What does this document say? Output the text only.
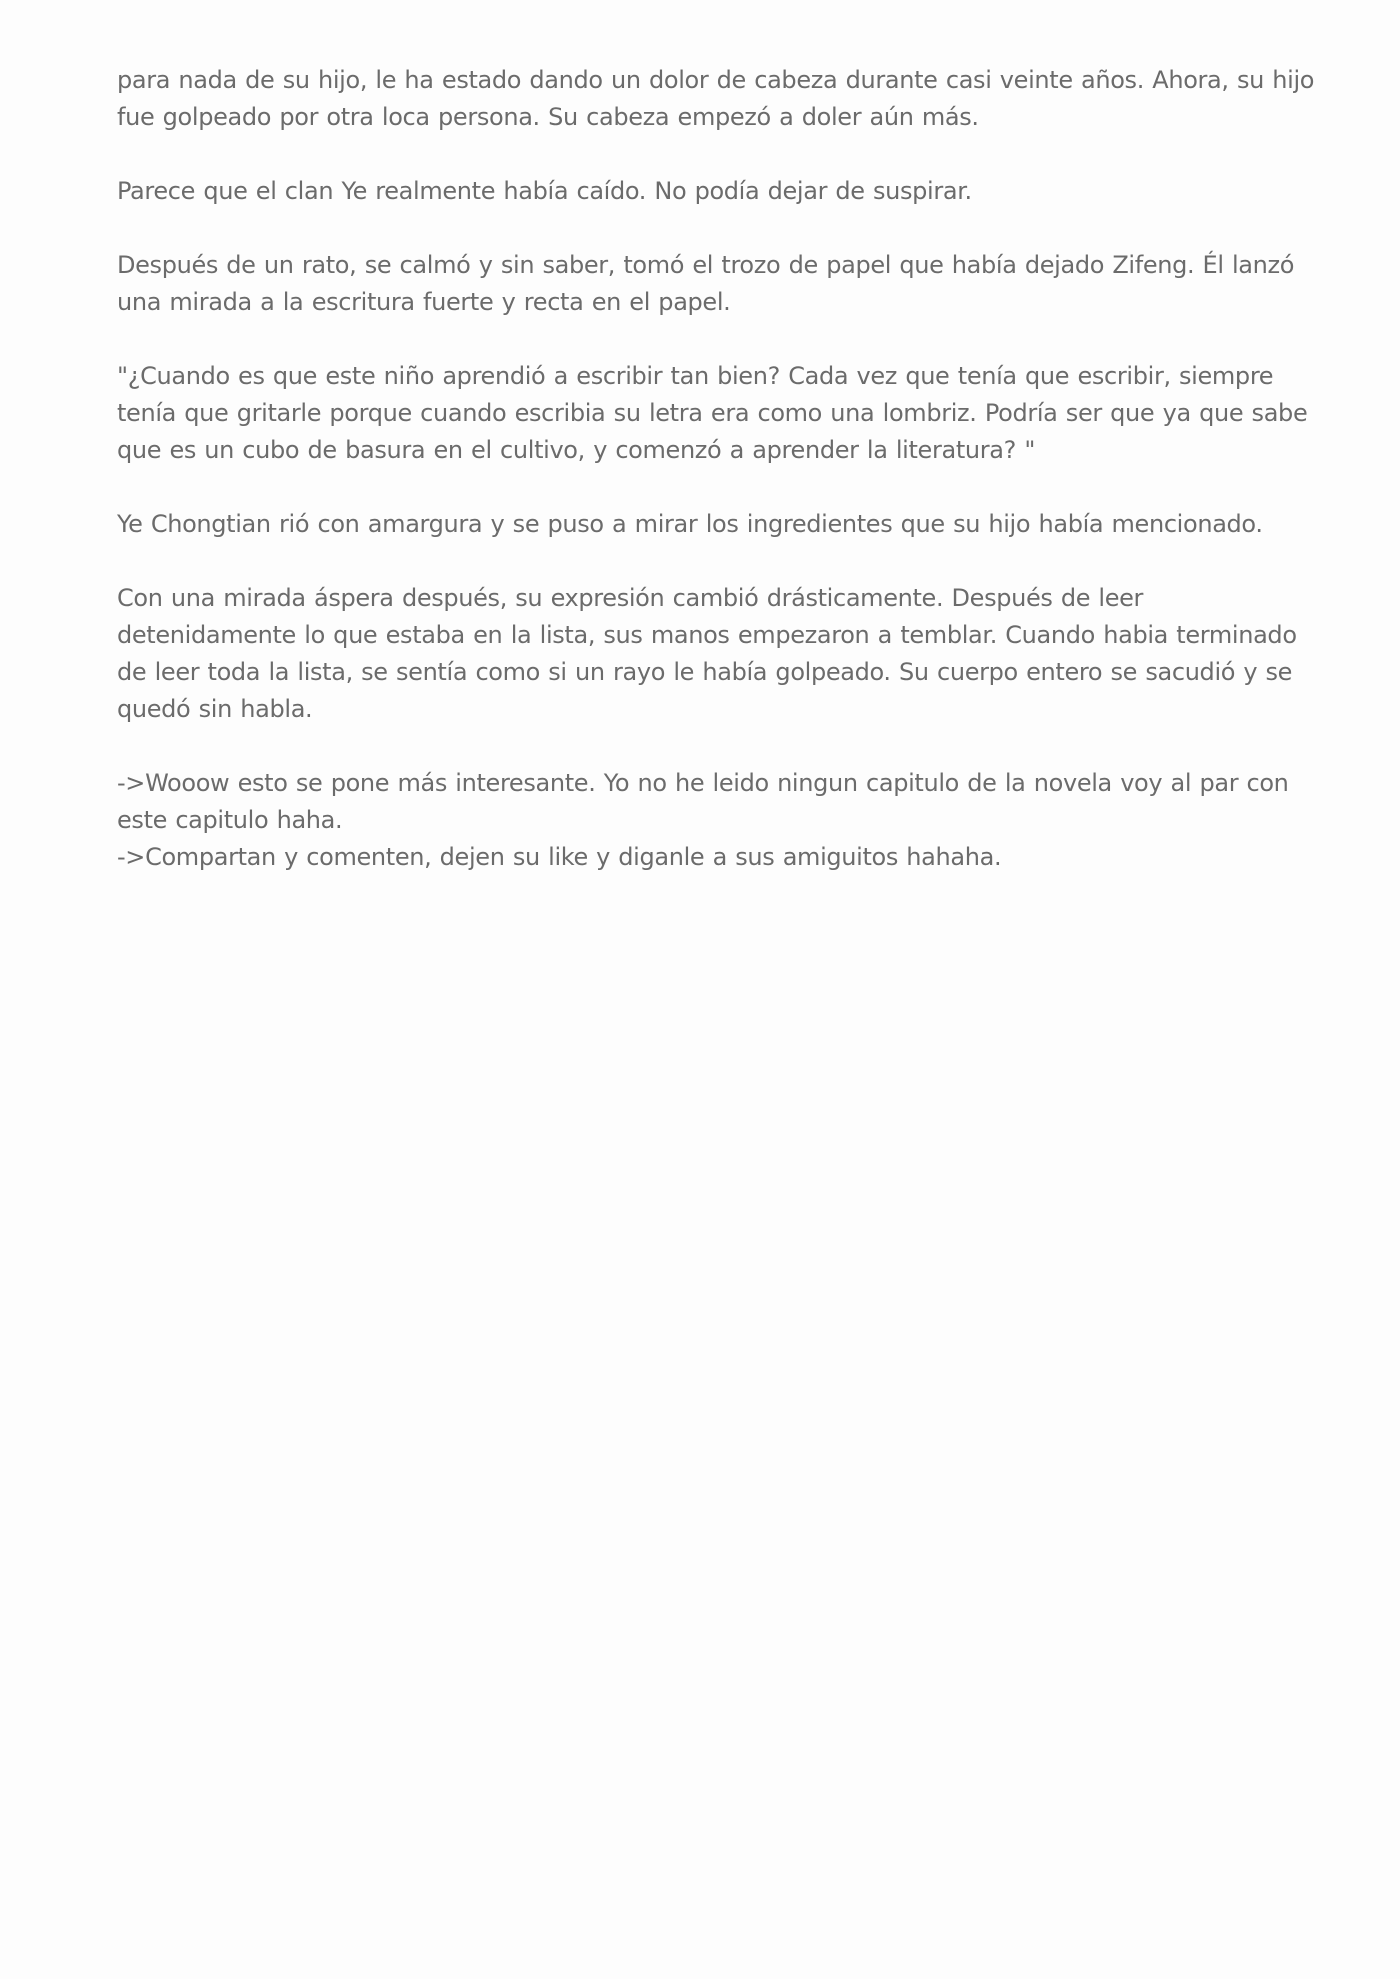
para nada de su hijo, le ha estado dando un dolor de cabeza durante casi veinte años. Ahora, su hijo fue golpeado por otra loca persona. Su cabeza empezó a doler aún más.

Parece que el clan Ye realmente había caído. No podía dejar de suspirar.

Después de un rato, se calmó y sin saber, tomó el trozo de papel que había dejado Zifeng. Él lanzó una mirada a la escritura fuerte y recta en el papel.

"¿Cuando es que este niño aprendió a escribir tan bien? Cada vez que tenía que escribir, siempre tenía que gritarle porque cuando escribia su letra era como una lombriz. Podría ser que ya que sabe que es un cubo de basura en el cultivo, y comenzó a aprender la literatura? "

Ye Chongtian rió con amargura y se puso a mirar los ingredientes que su hijo había mencionado.

Con una mirada áspera después, su expresión cambió drásticamente. Después de leer detenidamente lo que estaba en la lista, sus manos empezaron a temblar. Cuando habia terminado de leer toda la lista, se sentía como si un rayo le había golpeado. Su cuerpo entero se sacudió y se quedó sin habla.

->Wooow esto se pone más interesante. Yo no he leido ningun capitulo de la novela voy al par con este capitulo haha.

->Compartan y comenten, dejen su like y diganle a sus amiguitos hahaha.
